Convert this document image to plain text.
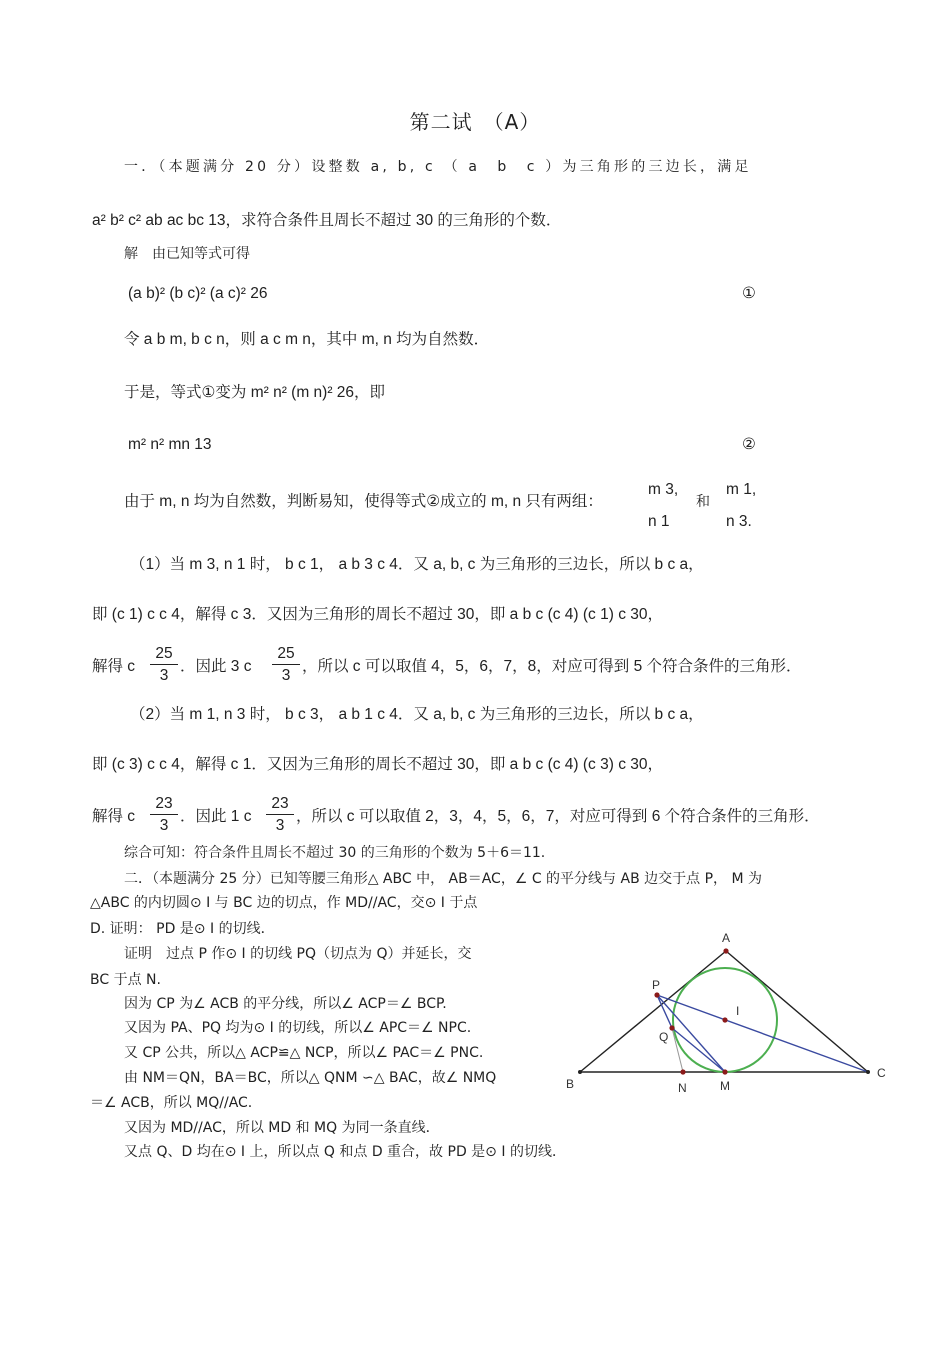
第二试　（A）
一．（本题满分 20 分）设整数 a, b, c （ a　b　c ）为三角形的三边长，满足
a² b² c² ab ac bc 13，求符合条件且周长不超过 30 的三角形的个数．
解　由已知等式可得
(a b)² (b c)² (a c)² 26	①
令 a b m, b c n，则 a c m n，其中 m, n 均为自然数．
于是，等式①变为 m² n² (m n)² 26，即
m² n² mn 13	②
由于 m, n 均为自然数，判断易知，使得等式②成立的 m, n 只有两组：
m 3,
n 1
和
m 1,
n 3.
（1）当 m 3, n 1 时， b c 1， a b 3 c 4．又 a, b, c 为三角形的三边长，所以 b c a，
即 (c 1) c c 4，解得 c 3．又因为三角形的周长不超过 30，即 a b c (c 4) (c 1) c 30，
解得 c
25
3
．因此 3 c
25
3
，所以 c 可以取值 4，5，6，7，8，对应可得到 5 个符合条件的三角形．
（2）当 m 1, n 3 时， b c 3， a b 1 c 4．又 a, b, c 为三角形的三边长，所以 b c a，
即 (c 3) c c 4，解得 c 1．又因为三角形的周长不超过 30，即 a b c (c 4) (c 3) c 30，
解得 c
23
3
．因此 1 c
23
3
，所以 c 可以取值 2，3，4，5，6，7，对应可得到 6 个符合条件的三角形．
综合可知：符合条件且周长不超过 30 的三角形的个数为 5＋6＝11.
二．（本题满分 25 分）已知等腰三角形△ ABC 中， AB＝AC，∠ C 的平分线与 AB 边交于点 P， M 为
△ABC 的内切圆⊙ I 与 BC 边的切点，作 MD//AC，交⊙ I 于点
D. 证明： PD 是⊙ I 的切线．
证明　过点 P 作⊙ I 的切线 PQ（切点为 Q）并延长，交
BC 于点 N.
因为 CP 为∠ ACB 的平分线，所以∠ ACP＝∠ BCP.
又因为 PA、PQ 均为⊙ I 的切线，所以∠ APC＝∠ NPC.
又 CP 公共，所以△ ACP≌△ NCP，所以∠ PAC＝∠ PNC.
由 NM＝QN，BA＝BC，所以△ QNM ∽△ BAC，故∠ NMQ
＝∠ ACB，所以 MQ//AC.
又因为 MD//AC，所以 MD 和 MQ 为同一条直线．
又点 Q、D 均在⊙ I 上，所以点 Q 和点 D 重合，故 PD 是⊙ I 的切线．
A
P
I
Q
B	N	M
C
